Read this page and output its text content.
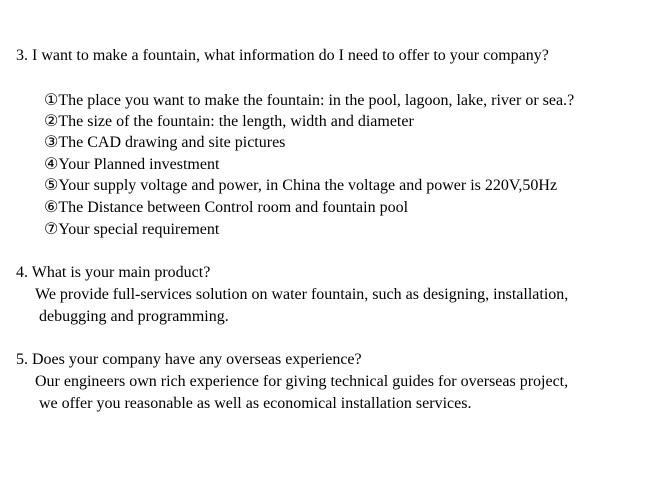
3. I want to make a fountain, what information do I need to offer to your company?
①The place you want to make the fountain: in the pool, lagoon, lake, river or sea.?
②The size of the fountain: the length, width and diameter
③The CAD drawing and site pictures
④Your Planned investment
⑤Your supply voltage and power, in China the voltage and power is 220V,50Hz
⑥The Distance between Control room and fountain pool
⑦Your special requirement
4. What is your main product?
We provide full-services solution on water fountain, such as designing, installation,
debugging and programming.
5. Does your company have any overseas experience?
Our engineers own rich experience for giving technical guides for overseas project,
we offer you reasonable as well as economical installation services.
